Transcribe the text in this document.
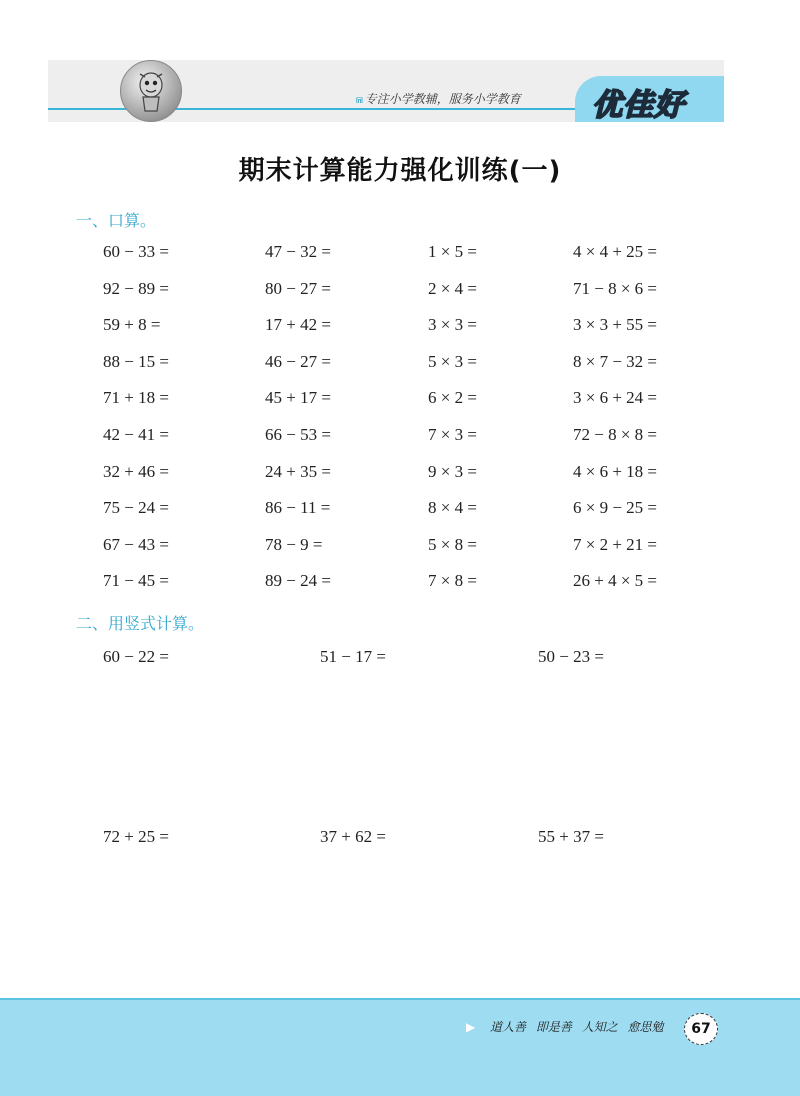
⩎ 专注小学教辅，服务小学教育 优佳好
期末计算能力强化训练(一)
一、口算。
60 − 33 =	47 − 32 =	1 × 5 =	4 × 4 + 25 =
92 − 89 =	80 − 27 =	2 × 4 =	71 − 8 × 6 =
59 + 8 =	17 + 42 =	3 × 3 =	3 × 3 + 55 =
88 − 15 =	46 − 27 =	5 × 3 =	8 × 7 − 32 =
71 + 18 =	45 + 17 =	6 × 2 =	3 × 6 + 24 =
42 − 41 =	66 − 53 =	7 × 3 =	72 − 8 × 8 =
32 + 46 =	24 + 35 =	9 × 3 =	4 × 6 + 18 =
75 − 24 =	86 − 11 =	8 × 4 =	6 × 9 − 25 =
67 − 43 =	78 − 9 =	5 × 8 =	7 × 2 + 21 =
71 − 45 =	89 − 24 =	7 × 8 =	26 + 4 × 5 =
二、用竖式计算。
60 − 22 =	51 − 17 =	50 − 23 =
72 + 25 =	37 + 62 =	55 + 37 =
▶ 道人善 即是善 人知之 愈思勉	67
